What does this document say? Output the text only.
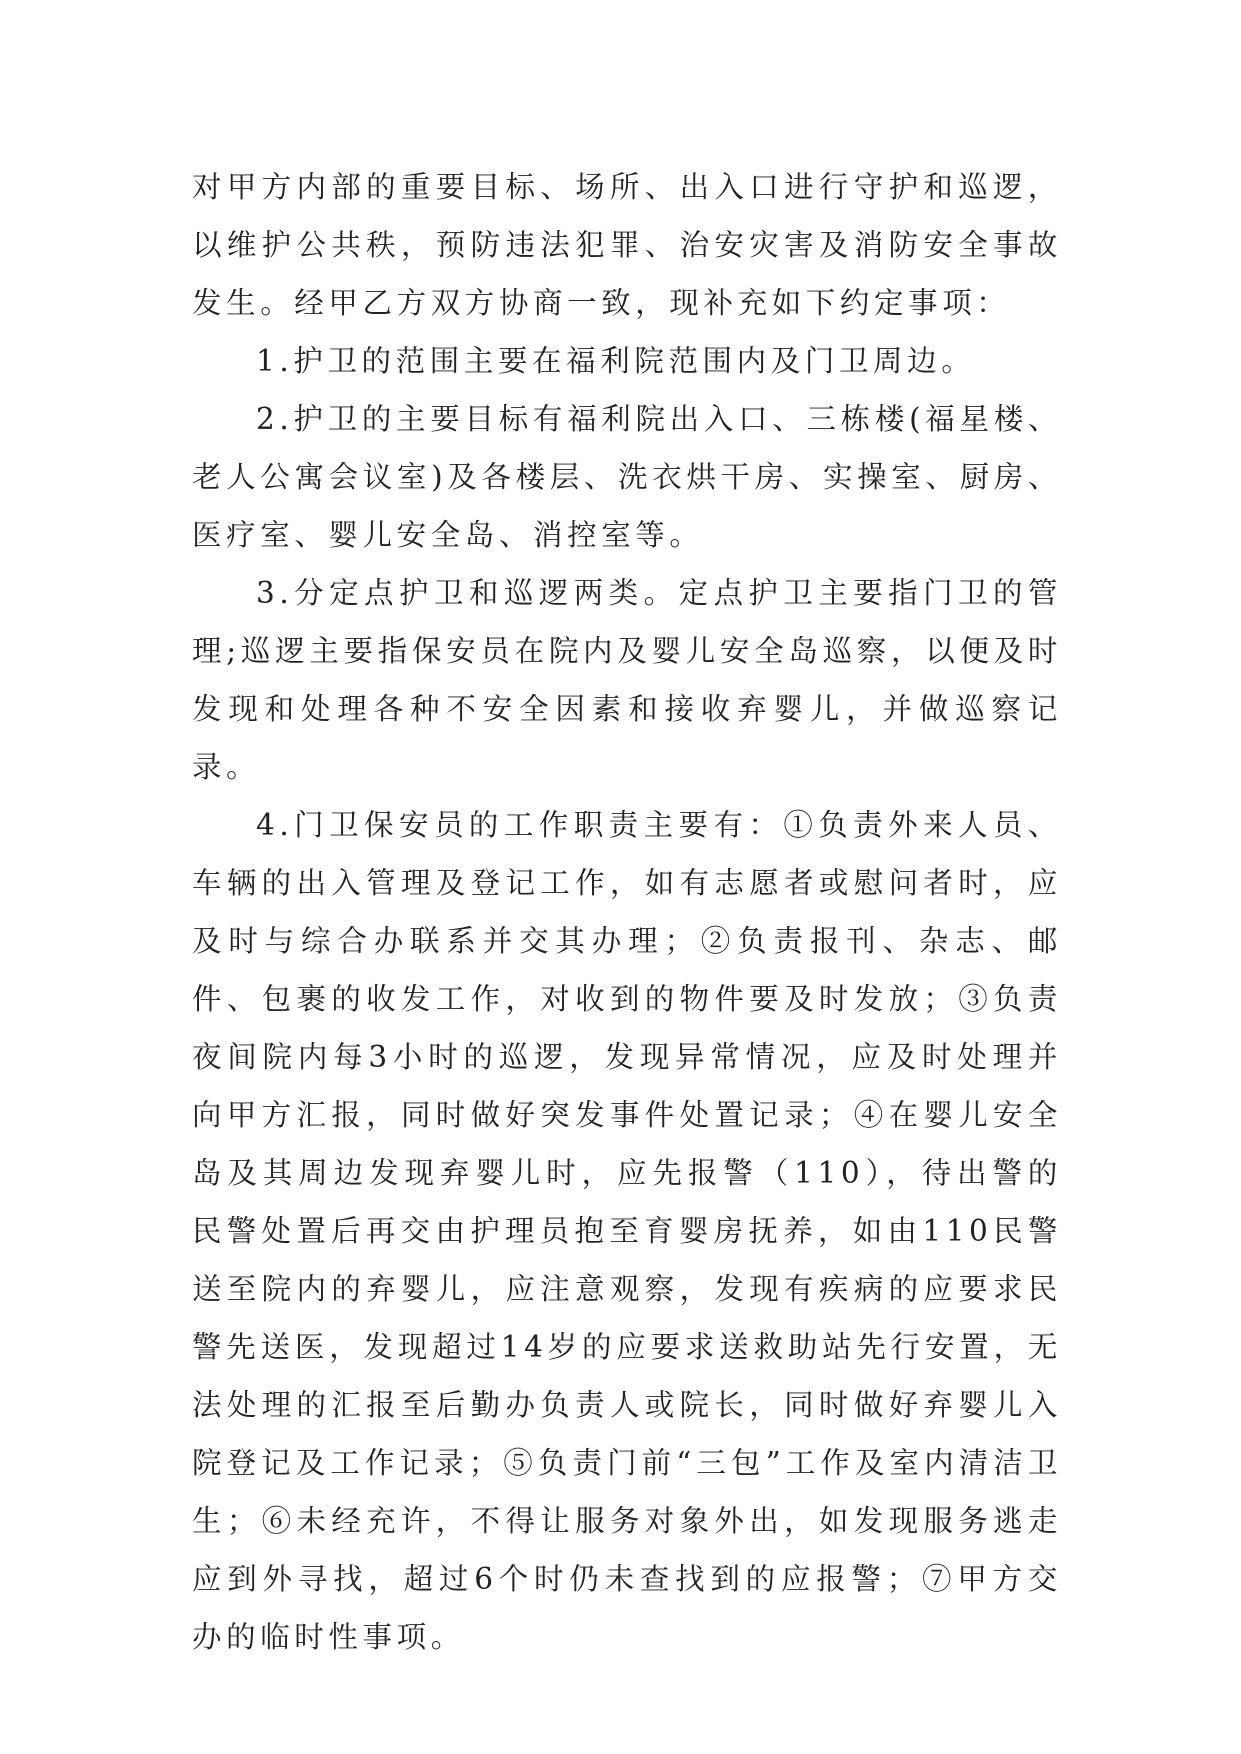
对甲方内部的重要目标、场所、出入口进行守护和巡逻，以维护公共秩，预防违法犯罪、治安灾害及消防安全事故发生。经甲乙方双方协商一致，现补充如下约定事项：

1.护卫的范围主要在福利院范围内及门卫周边。

2.护卫的主要目标有福利院出入口、三栋楼(福星楼、老人公寓会议室)及各楼层、洗衣烘干房、实操室、厨房、医疗室、婴儿安全岛、消控室等。

3.分定点护卫和巡逻两类。定点护卫主要指门卫的管理;巡逻主要指保安员在院内及婴儿安全岛巡察，以便及时发现和处理各种不安全因素和接收弃婴儿，并做巡察记录。

4.门卫保安员的工作职责主要有：①负责外来人员、车辆的出入管理及登记工作，如有志愿者或慰问者时，应及时与综合办联系并交其办理；②负责报刊、杂志、邮件、包裹的收发工作，对收到的物件要及时发放；③负责夜间院内每3小时的巡逻，发现异常情况，应及时处理并向甲方汇报，同时做好突发事件处置记录；④在婴儿安全岛及其周边发现弃婴儿时，应先报警（110），待出警的民警处置后再交由护理员抱至育婴房抚养，如由110民警送至院内的弃婴儿，应注意观察，发现有疾病的应要求民警先送医，发现超过14岁的应要求送救助站先行安置，无法处理的汇报至后勤办负责人或院长，同时做好弃婴儿入院登记及工作记录；⑤负责门前“三包”工作及室内清洁卫生；⑥未经充许，不得让服务对象外出，如发现服务逃走应到外寻找，超过6个时仍未查找到的应报警；⑦甲方交办的临时性事项。
